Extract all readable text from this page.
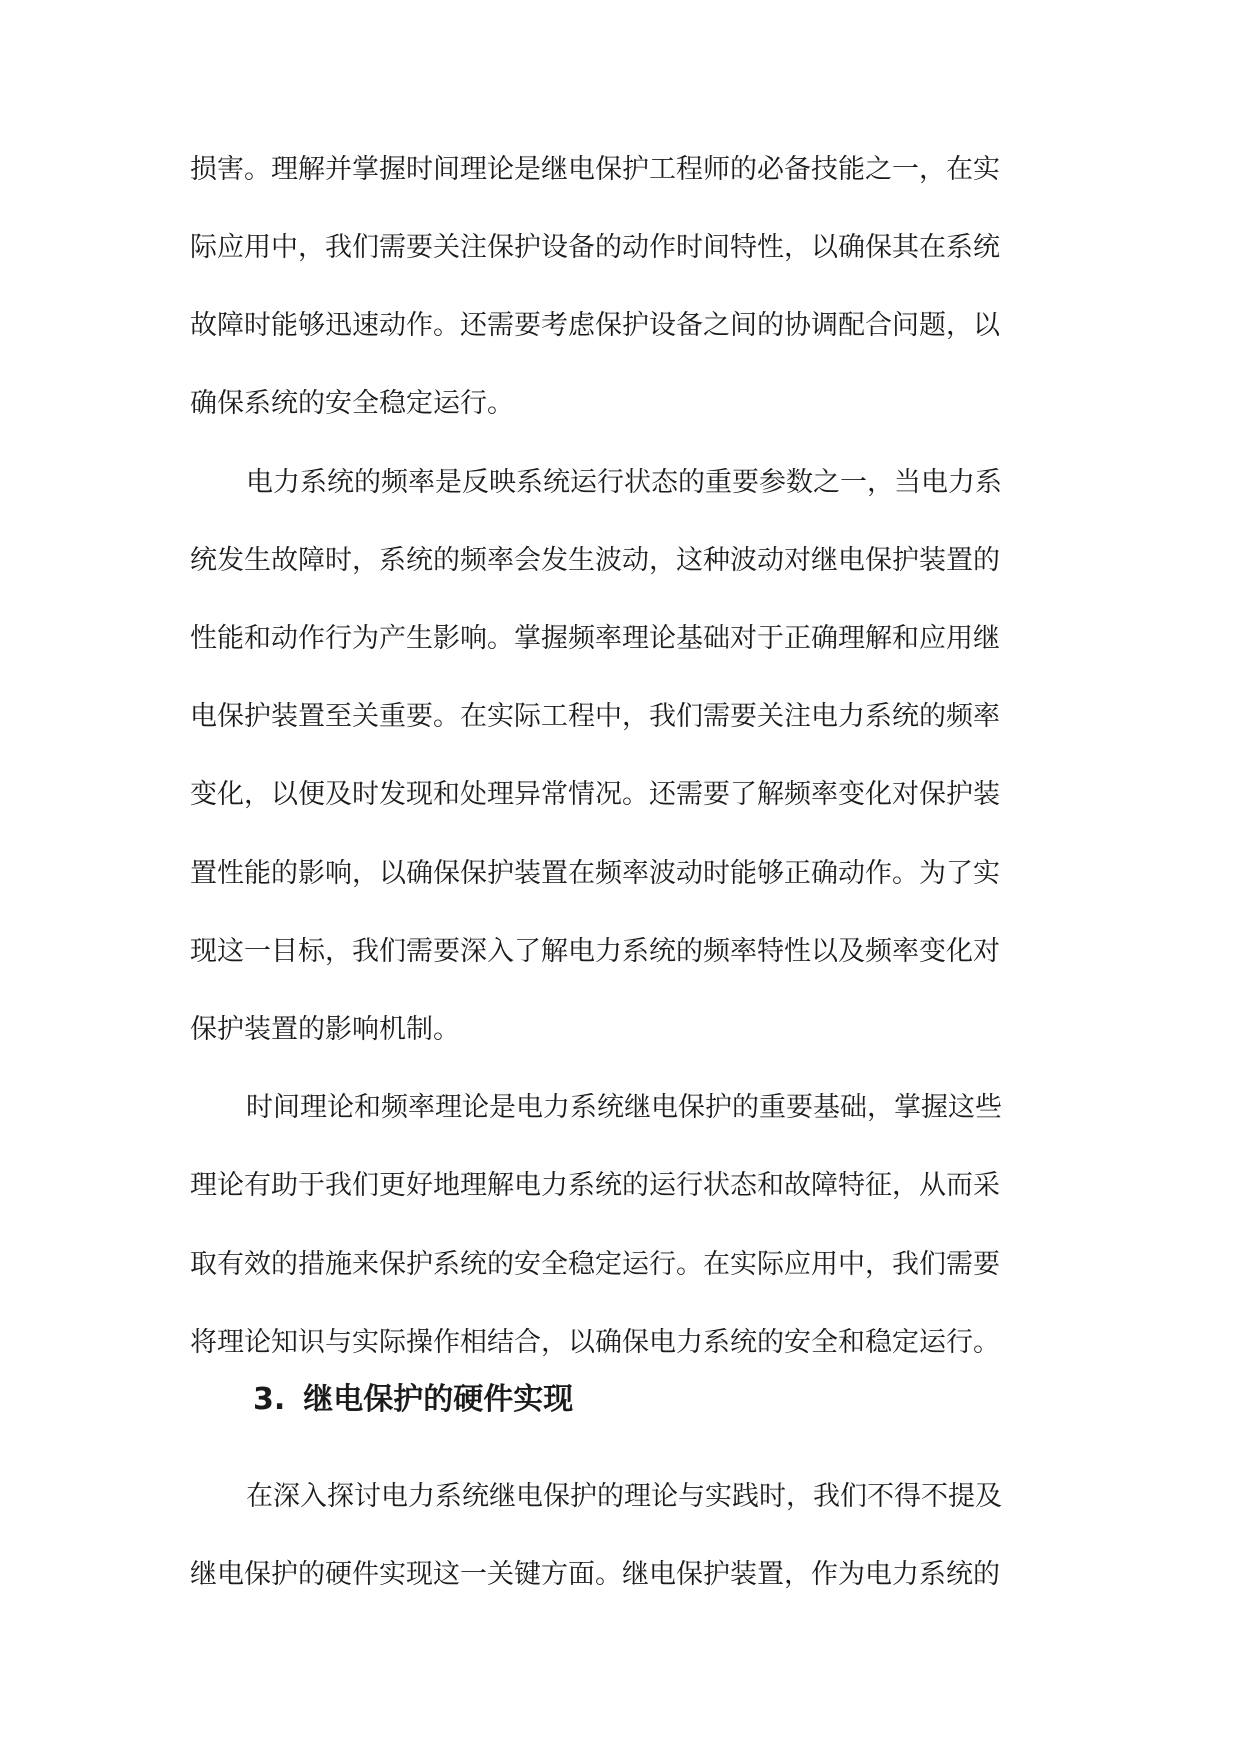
损害。理解并掌握时间理论是继电保护工程师的必备技能之一，在实
际应用中，我们需要关注保护设备的动作时间特性，以确保其在系统
故障时能够迅速动作。还需要考虑保护设备之间的协调配合问题，以
确保系统的安全稳定运行。
电力系统的频率是反映系统运行状态的重要参数之一，当电力系
统发生故障时，系统的频率会发生波动，这种波动对继电保护装置的
性能和动作行为产生影响。掌握频率理论基础对于正确理解和应用继
电保护装置至关重要。在实际工程中，我们需要关注电力系统的频率
变化，以便及时发现和处理异常情况。还需要了解频率变化对保护装
置性能的影响，以确保保护装置在频率波动时能够正确动作。为了实
现这一目标，我们需要深入了解电力系统的频率特性以及频率变化对
保护装置的影响机制。
时间理论和频率理论是电力系统继电保护的重要基础，掌握这些
理论有助于我们更好地理解电力系统的运行状态和故障特征，从而采
取有效的措施来保护系统的安全稳定运行。在实际应用中，我们需要
将理论知识与实际操作相结合，以确保电力系统的安全和稳定运行。
3. 继电保护的硬件实现
在深入探讨电力系统继电保护的理论与实践时，我们不得不提及
继电保护的硬件实现这一关键方面。继电保护装置，作为电力系统的
